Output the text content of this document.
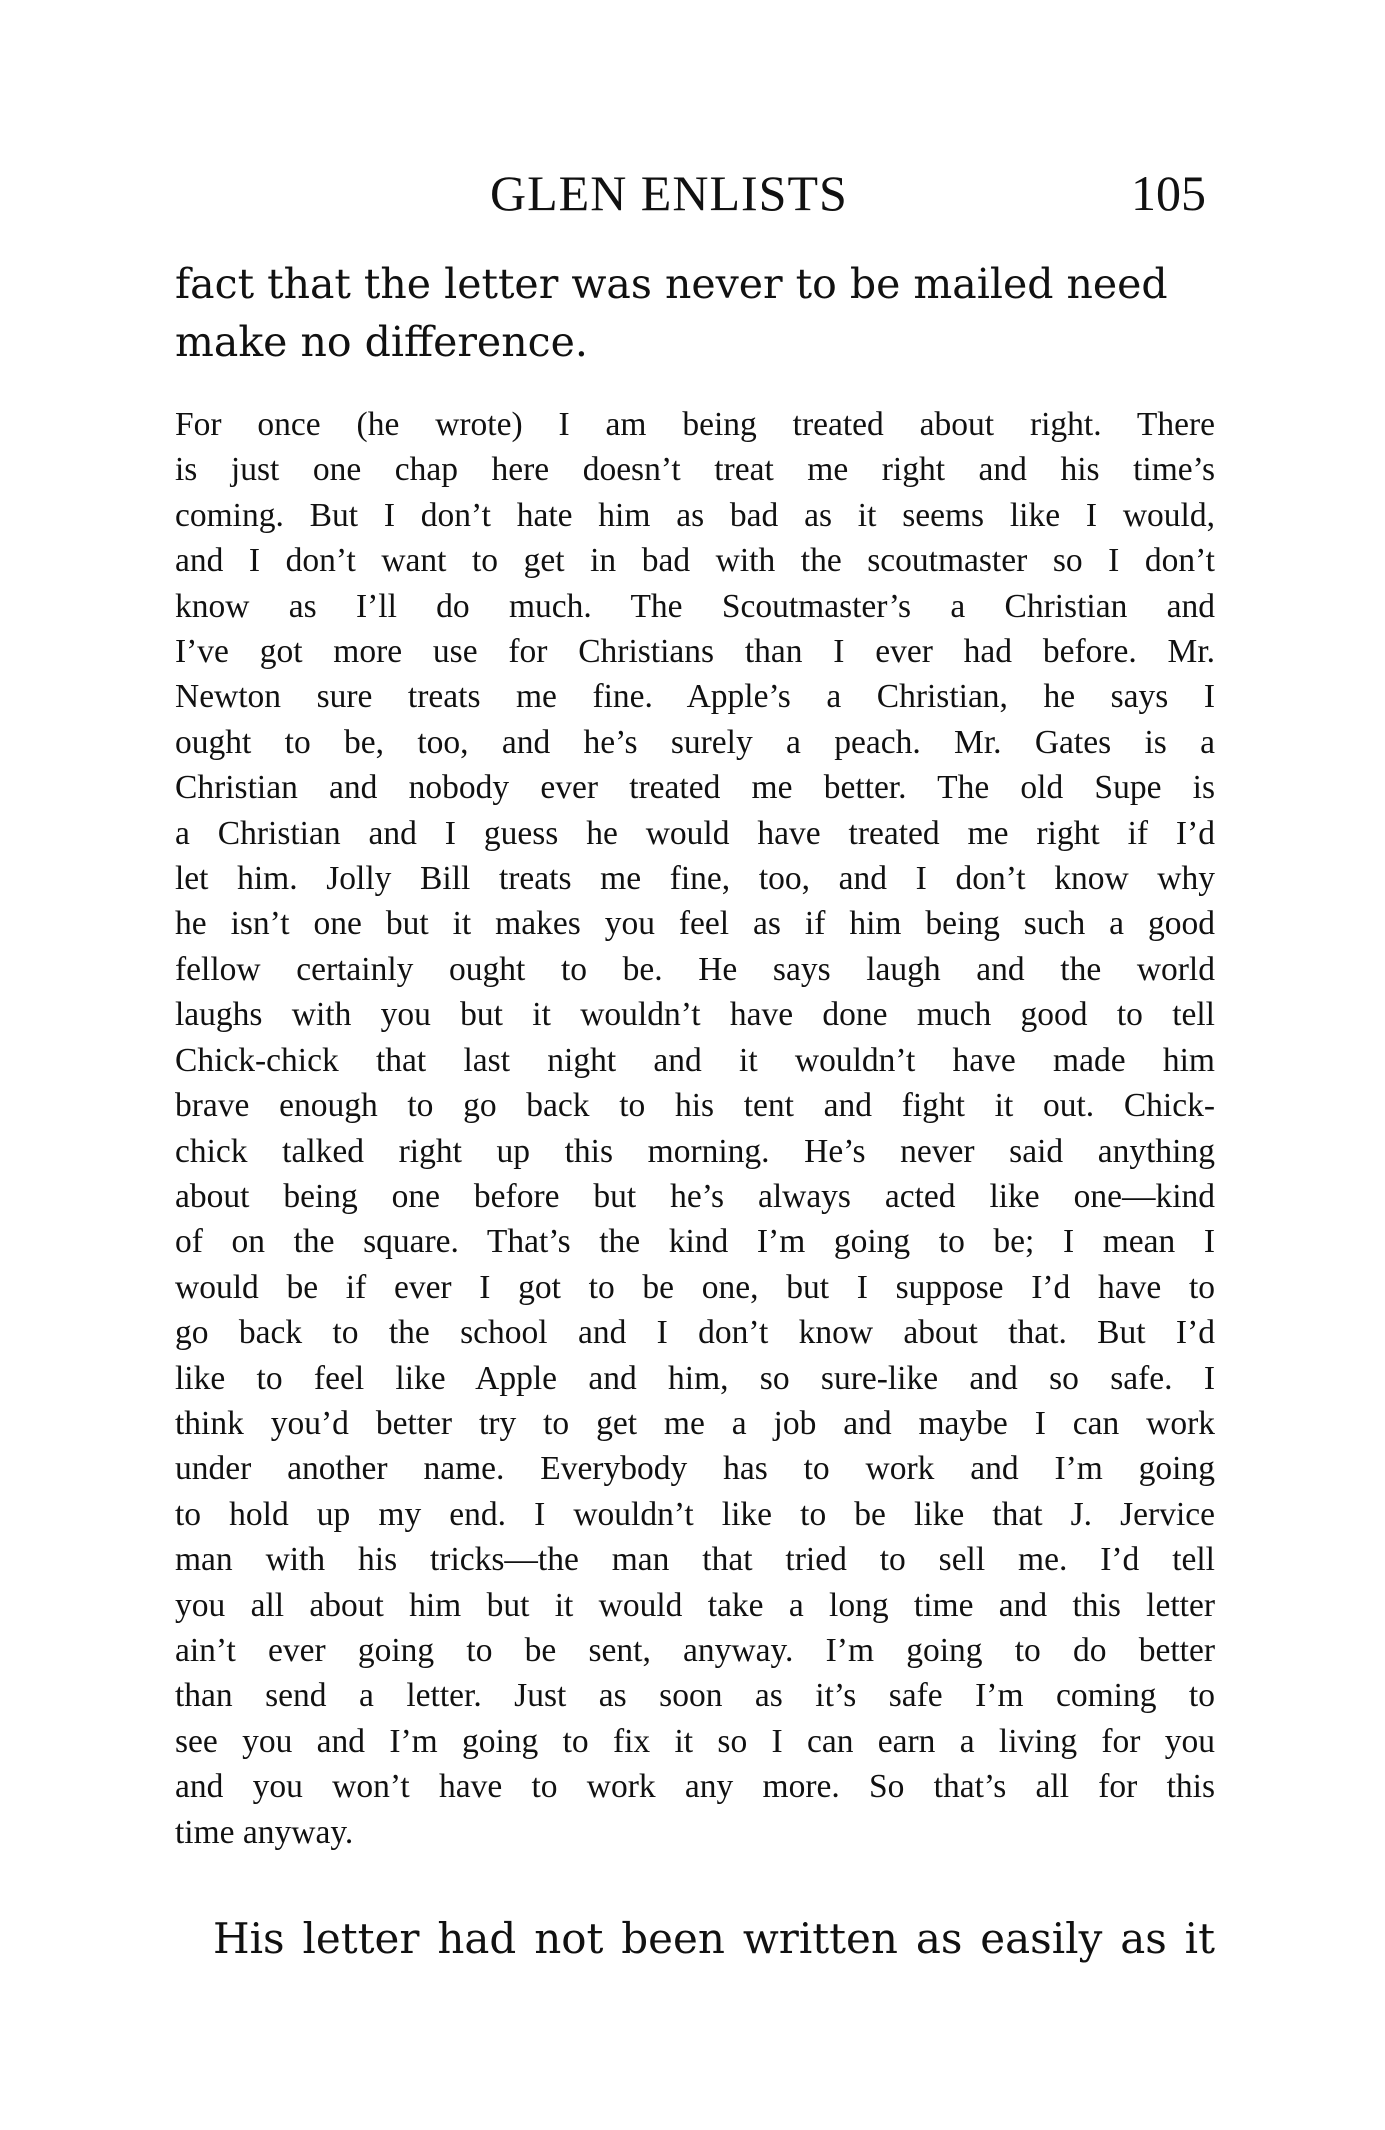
GLEN ENLISTS	105
fact that the letter was never to be mailed need
make no difference.
For once (he wrote) I am being treated about right. There
is just one chap here doesn’t treat me right and his time’s
coming. But I don’t hate him as bad as it seems like I would,
and I don’t want to get in bad with the scoutmaster so I don’t
know as I’ll do much. The Scoutmaster’s a Christian and
I’ve got more use for Christians than I ever had before. Mr.
Newton sure treats me fine. Apple’s a Christian, he says I
ought to be, too, and he’s surely a peach. Mr. Gates is a
Christian and nobody ever treated me better. The old Supe is
a Christian and I guess he would have treated me right if I’d
let him. Jolly Bill treats me fine, too, and I don’t know why
he isn’t one but it makes you feel as if him being such a good
fellow certainly ought to be. He says laugh and the world
laughs with you but it wouldn’t have done much good to tell
Chick-chick that last night and it wouldn’t have made him
brave enough to go back to his tent and fight it out. Chick-
chick talked right up this morning. He’s never said anything
about being one before but he’s always acted like one—kind
of on the square. That’s the kind I’m going to be; I mean I
would be if ever I got to be one, but I suppose I’d have to
go back to the school and I don’t know about that. But I’d
like to feel like Apple and him, so sure-like and so safe. I
think you’d better try to get me a job and maybe I can work
under another name. Everybody has to work and I’m going
to hold up my end. I wouldn’t like to be like that J. Jervice
man with his tricks—the man that tried to sell me. I’d tell
you all about him but it would take a long time and this letter
ain’t ever going to be sent, anyway. I’m going to do better
than send a letter. Just as soon as it’s safe I’m coming to
see you and I’m going to fix it so I can earn a living for you
and you won’t have to work any more. So that’s all for this
time anyway.
His letter had not been written as easily as it
